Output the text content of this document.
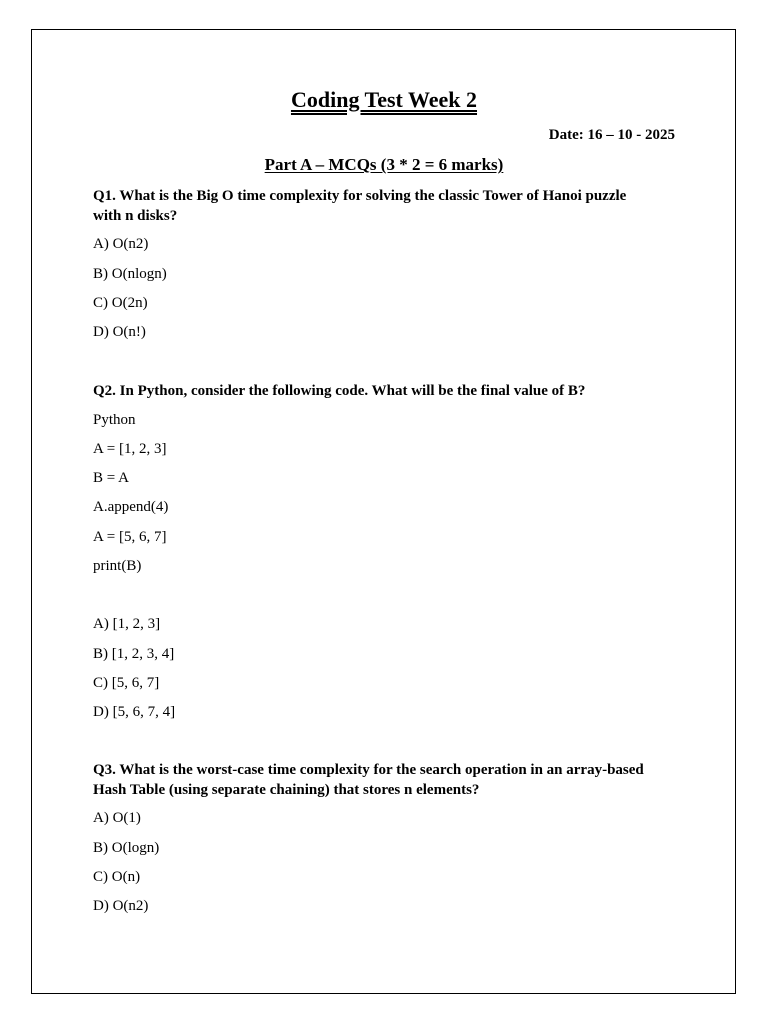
Coding Test Week 2
Date: 16 – 10 - 2025
Part A – MCQs (3 * 2 = 6 marks)
Q1. What is the Big O time complexity for solving the classic Tower of Hanoi puzzle
with n disks?
A) O(n2)
B) O(nlogn)
C) O(2n)
D) O(n!)
Q2. In Python, consider the following code. What will be the final value of B?
Python
A = [1, 2, 3]
B = A
A.append(4)
A = [5, 6, 7]
print(B)
A) [1, 2, 3]
B) [1, 2, 3, 4]
C) [5, 6, 7]
D) [5, 6, 7, 4]
Q3. What is the worst-case time complexity for the search operation in an array-based
Hash Table (using separate chaining) that stores n elements?
A) O(1)
B) O(logn)
C) O(n)
D) O(n2)
